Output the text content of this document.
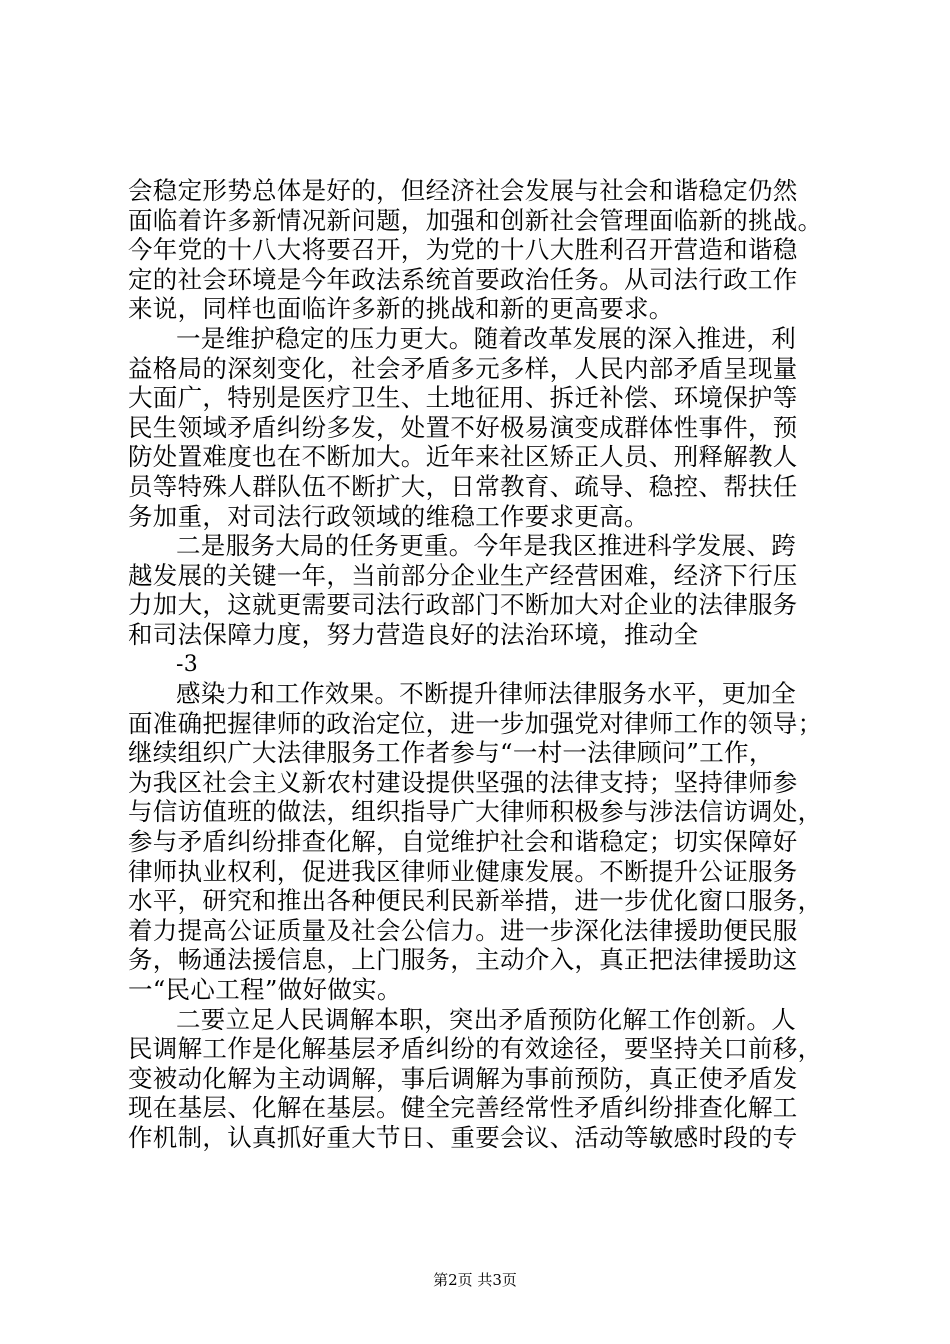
会稳定形势总体是好的，但经济社会发展与社会和谐稳定仍然
面临着许多新情况新问题，加强和创新社会管理面临新的挑战。
今年党的十八大将要召开，为党的十八大胜利召开营造和谐稳
定的社会环境是今年政法系统首要政治任务。从司法行政工作
来说，同样也面临许多新的挑战和新的更高要求。
一是维护稳定的压力更大。随着改革发展的深入推进，利
益格局的深刻变化，社会矛盾多元多样，人民内部矛盾呈现量
大面广，特别是医疗卫生、土地征用、拆迁补偿、环境保护等
民生领域矛盾纠纷多发，处置不好极易演变成群体性事件，预
防处置难度也在不断加大。近年来社区矫正人员、刑释解教人
员等特殊人群队伍不断扩大，日常教育、疏导、稳控、帮扶任
务加重，对司法行政领域的维稳工作要求更高。
二是服务大局的任务更重。今年是我区推进科学发展、跨
越发展的关键一年，当前部分企业生产经营困难，经济下行压
力加大，这就更需要司法行政部门不断加大对企业的法律服务
和司法保障力度，努力营造良好的法治环境，推动全
-3
感染力和工作效果。不断提升律师法律服务水平，更加全
面准确把握律师的政治定位，进一步加强党对律师工作的领导；
继续组织广大法律服务工作者参与“一村一法律顾问”工作，
为我区社会主义新农村建设提供坚强的法律支持；坚持律师参
与信访值班的做法，组织指导广大律师积极参与涉法信访调处，
参与矛盾纠纷排查化解，自觉维护社会和谐稳定；切实保障好
律师执业权利，促进我区律师业健康发展。不断提升公证服务
水平，研究和推出各种便民利民新举措，进一步优化窗口服务，
着力提高公证质量及社会公信力。进一步深化法律援助便民服
务，畅通法援信息，上门服务，主动介入，真正把法律援助这
一“民心工程”做好做实。
二要立足人民调解本职，突出矛盾预防化解工作创新。人
民调解工作是化解基层矛盾纠纷的有效途径，要坚持关口前移，
变被动化解为主动调解，事后调解为事前预防，真正使矛盾发
现在基层、化解在基层。健全完善经常性矛盾纠纷排查化解工
作机制，认真抓好重大节日、重要会议、活动等敏感时段的专
第2页 共3页
